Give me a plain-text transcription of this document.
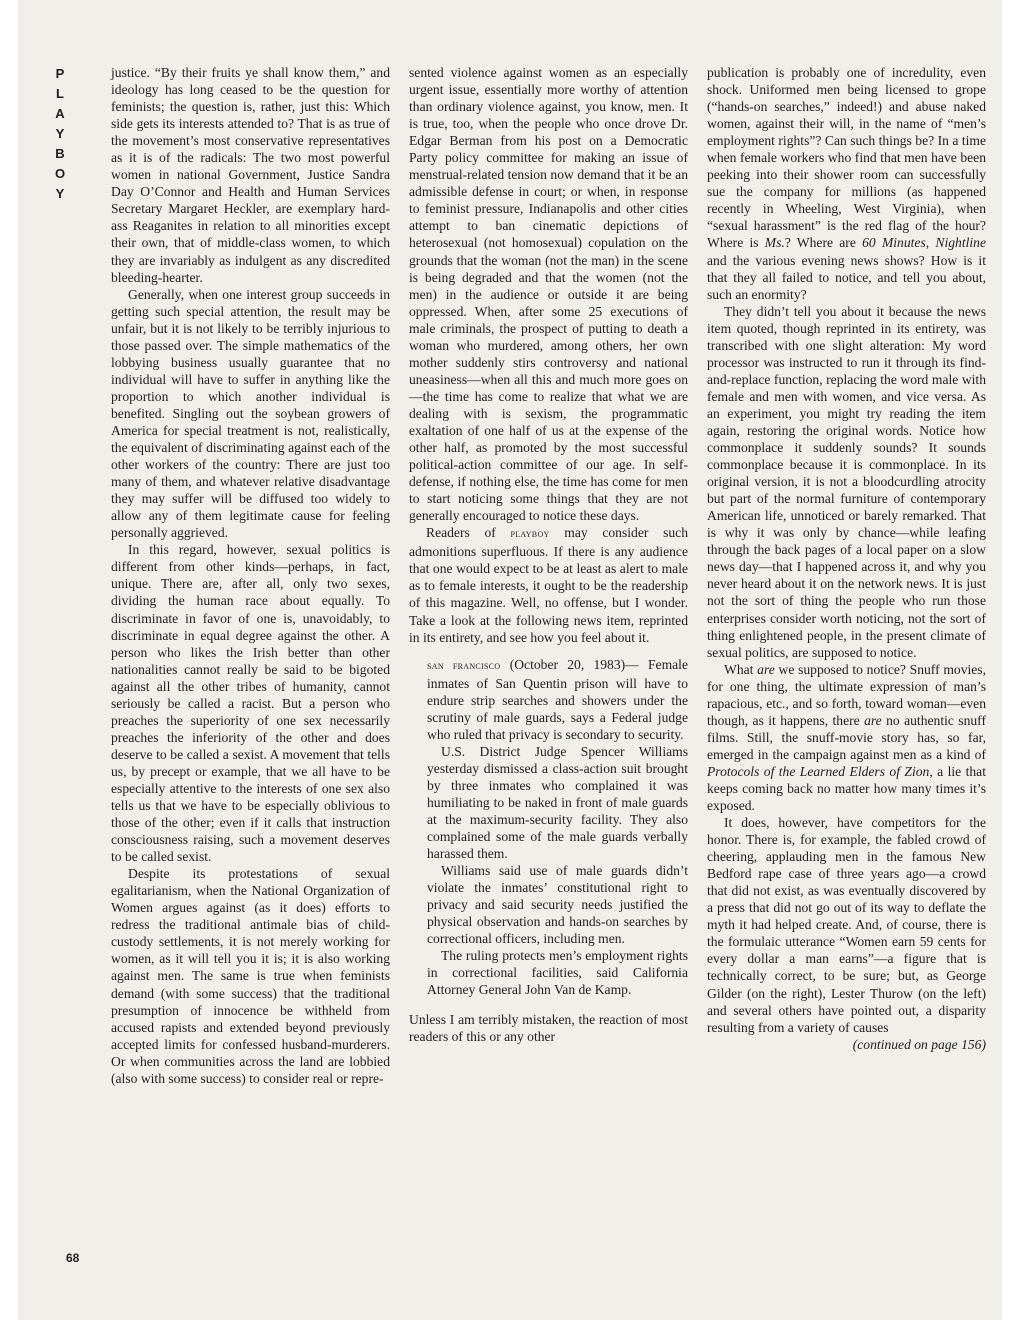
P
L
A
Y
B
O
Y

justice. “By their fruits ye shall know them,” and ideology has long ceased to be the question for feminists; the question is, rather, just this: Which side gets its interests attended to? That is as true of the movement’s most conservative representatives as it is of the radicals: The two most powerful women in national Government, Justice Sandra Day O’Connor and Health and Human Services Secretary Margaret Heckler, are exemplary hard-ass Reaganites in relation to all minorities except their own, that of middle-class women, to which they are invariably as indulgent as any discredited bleeding-hearter.

Generally, when one interest group succeeds in getting such special attention, the result may be unfair, but it is not likely to be terribly injurious to those passed over. The simple mathematics of the lobbying business usually guarantee that no individual will have to suffer in anything like the proportion to which another individual is benefited. Singling out the soybean growers of America for special treatment is not, realistically, the equivalent of discriminating against each of the other workers of the country: There are just too many of them, and whatever relative disadvantage they may suffer will be diffused too widely to allow any of them legitimate cause for feeling personally aggrieved.

In this regard, however, sexual politics is different from other kinds—perhaps, in fact, unique. There are, after all, only two sexes, dividing the human race about equally. To discriminate in favor of one is, unavoidably, to discriminate in equal degree against the other. A person who likes the Irish better than other nationalities cannot really be said to be bigoted against all the other tribes of humanity, cannot seriously be called a racist. But a person who preaches the superiority of one sex necessarily preaches the inferiority of the other and does deserve to be called a sexist. A movement that tells us, by precept or example, that we all have to be especially attentive to the interests of one sex also tells us that we have to be especially oblivious to those of the other; even if it calls that instruction consciousness raising, such a movement deserves to be called sexist.

Despite its protestations of sexual egalitarianism, when the National Organization of Women argues against (as it does) efforts to redress the traditional antimale bias of child-custody settlements, it is not merely working for women, as it will tell you it is; it is also working against men. The same is true when feminists demand (with some success) that the traditional presumption of innocence be withheld from accused rapists and extended beyond previously accepted limits for confessed husband-murderers. Or when communities across the land are lobbied (also with some success) to consider real or repre-

sented violence against women as an especially urgent issue, essentially more worthy of attention than ordinary violence against, you know, men. It is true, too, when the people who once drove Dr. Edgar Berman from his post on a Democratic Party policy committee for making an issue of menstrual-related tension now demand that it be an admissible defense in court; or when, in response to feminist pressure, Indianapolis and other cities attempt to ban cinematic depictions of heterosexual (not homosexual) copulation on the grounds that the woman (not the man) in the scene is being degraded and that the women (not the men) in the audience or outside it are being oppressed. When, after some 25 executions of male criminals, the prospect of putting to death a woman who murdered, among others, her own mother suddenly stirs controversy and national uneasiness—when all this and much more goes on—the time has come to realize that what we are dealing with is sexism, the programmatic exaltation of one half of us at the expense of the other half, as promoted by the most successful political-action committee of our age. In self-defense, if nothing else, the time has come for men to start noticing some things that they are not generally encouraged to notice these days.

Readers of playboy may consider such admonitions superfluous. If there is any audience that one would expect to be at least as alert to male as to female interests, it ought to be the readership of this magazine. Well, no offense, but I wonder. Take a look at the following news item, reprinted in its entirety, and see how you feel about it.

san francisco (October 20, 1983)— Female inmates of San Quentin prison will have to endure strip searches and showers under the scrutiny of male guards, says a Federal judge who ruled that privacy is secondary to security.

U.S. District Judge Spencer Williams yesterday dismissed a class-action suit brought by three inmates who complained it was humiliating to be naked in front of male guards at the maximum-security facility. They also complained some of the male guards verbally harassed them.

Williams said use of male guards didn’t violate the inmates’ constitutional right to privacy and said security needs justified the physical observation and hands-on searches by correctional officers, including men.

The ruling protects men’s employment rights in correctional facilities, said California Attorney General John Van de Kamp.

Unless I am terribly mistaken, the reaction of most readers of this or any other

publication is probably one of incredulity, even shock. Uniformed men being licensed to grope (“hands-on searches,” indeed!) and abuse naked women, against their will, in the name of “men’s employment rights”? Can such things be? In a time when female workers who find that men have been peeking into their shower room can successfully sue the company for millions (as happened recently in Wheeling, West Virginia), when “sexual harassment” is the red flag of the hour? Where is Ms.? Where are 60 Minutes, Nightline and the various evening news shows? How is it that they all failed to notice, and tell you about, such an enormity?

They didn’t tell you about it because the news item quoted, though reprinted in its entirety, was transcribed with one slight alteration: My word processor was instructed to run it through its find-and-replace function, replacing the word male with female and men with women, and vice versa. As an experiment, you might try reading the item again, restoring the original words. Notice how commonplace it suddenly sounds? It sounds commonplace because it is commonplace. In its original version, it is not a bloodcurdling atrocity but part of the normal furniture of contemporary American life, unnoticed or barely remarked. That is why it was only by chance—while leafing through the back pages of a local paper on a slow news day—that I happened across it, and why you never heard about it on the network news. It is just not the sort of thing the people who run those enterprises consider worth noticing, not the sort of thing enlightened people, in the present climate of sexual politics, are supposed to notice.

What are we supposed to notice? Snuff movies, for one thing, the ultimate expression of man’s rapacious, etc., and so forth, toward woman—even though, as it happens, there are no authentic snuff films. Still, the snuff-movie story has, so far, emerged in the campaign against men as a kind of Protocols of the Learned Elders of Zion, a lie that keeps coming back no matter how many times it’s exposed.

It does, however, have competitors for the honor. There is, for example, the fabled crowd of cheering, applauding men in the famous New Bedford rape case of three years ago—a crowd that did not exist, as was eventually discovered by a press that did not go out of its way to deflate the myth it had helped create. And, of course, there is the formulaic utterance “Women earn 59 cents for every dollar a man earns”—a figure that is technically correct, to be sure; but, as George Gilder (on the right), Lester Thurow (on the left) and several others have pointed out, a disparity resulting from a variety of causes

(continued on page 156)

68
